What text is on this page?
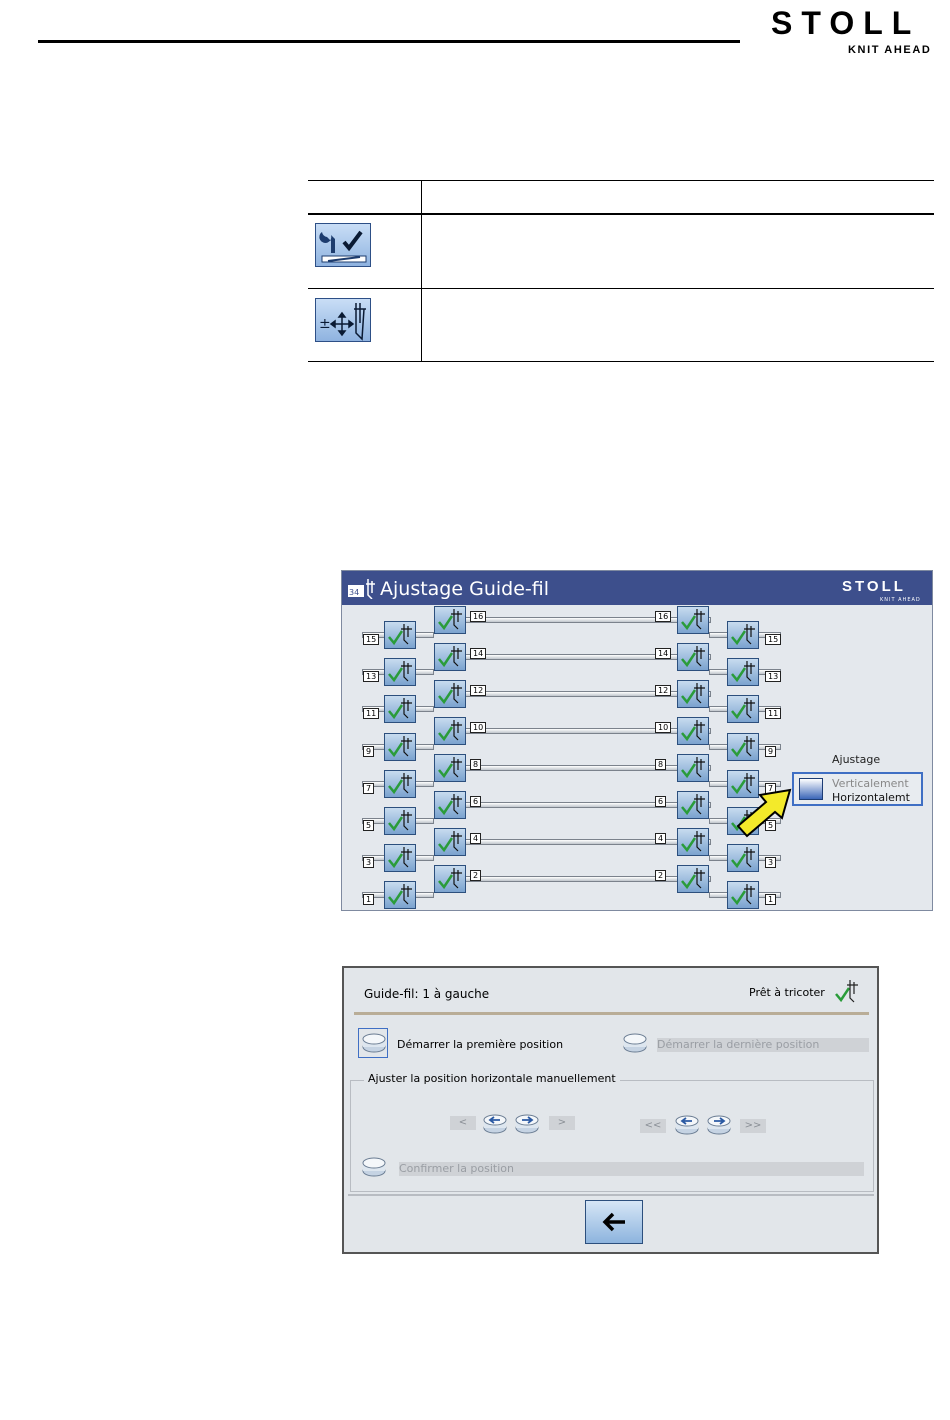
STOLL
KNIT AHEAD
±
34 Ajustage Guide-fil	STOLL
KNIT AHEAD
16	16
15	15
14	14
13	13
12	12
11	11
10	10
9	9
8	8
7	7
6	6
5	5
4	4
3	3
2	2
1	1
Ajustage
Verticalement
Horizontalemt
Guide-fil: 1 à gauche	Prêt à tricoter
Démarrer la première position	Démarrer la dernière position
Ajuster la position horizontale manuellement
<	>	<<	>>
Confirmer la position
